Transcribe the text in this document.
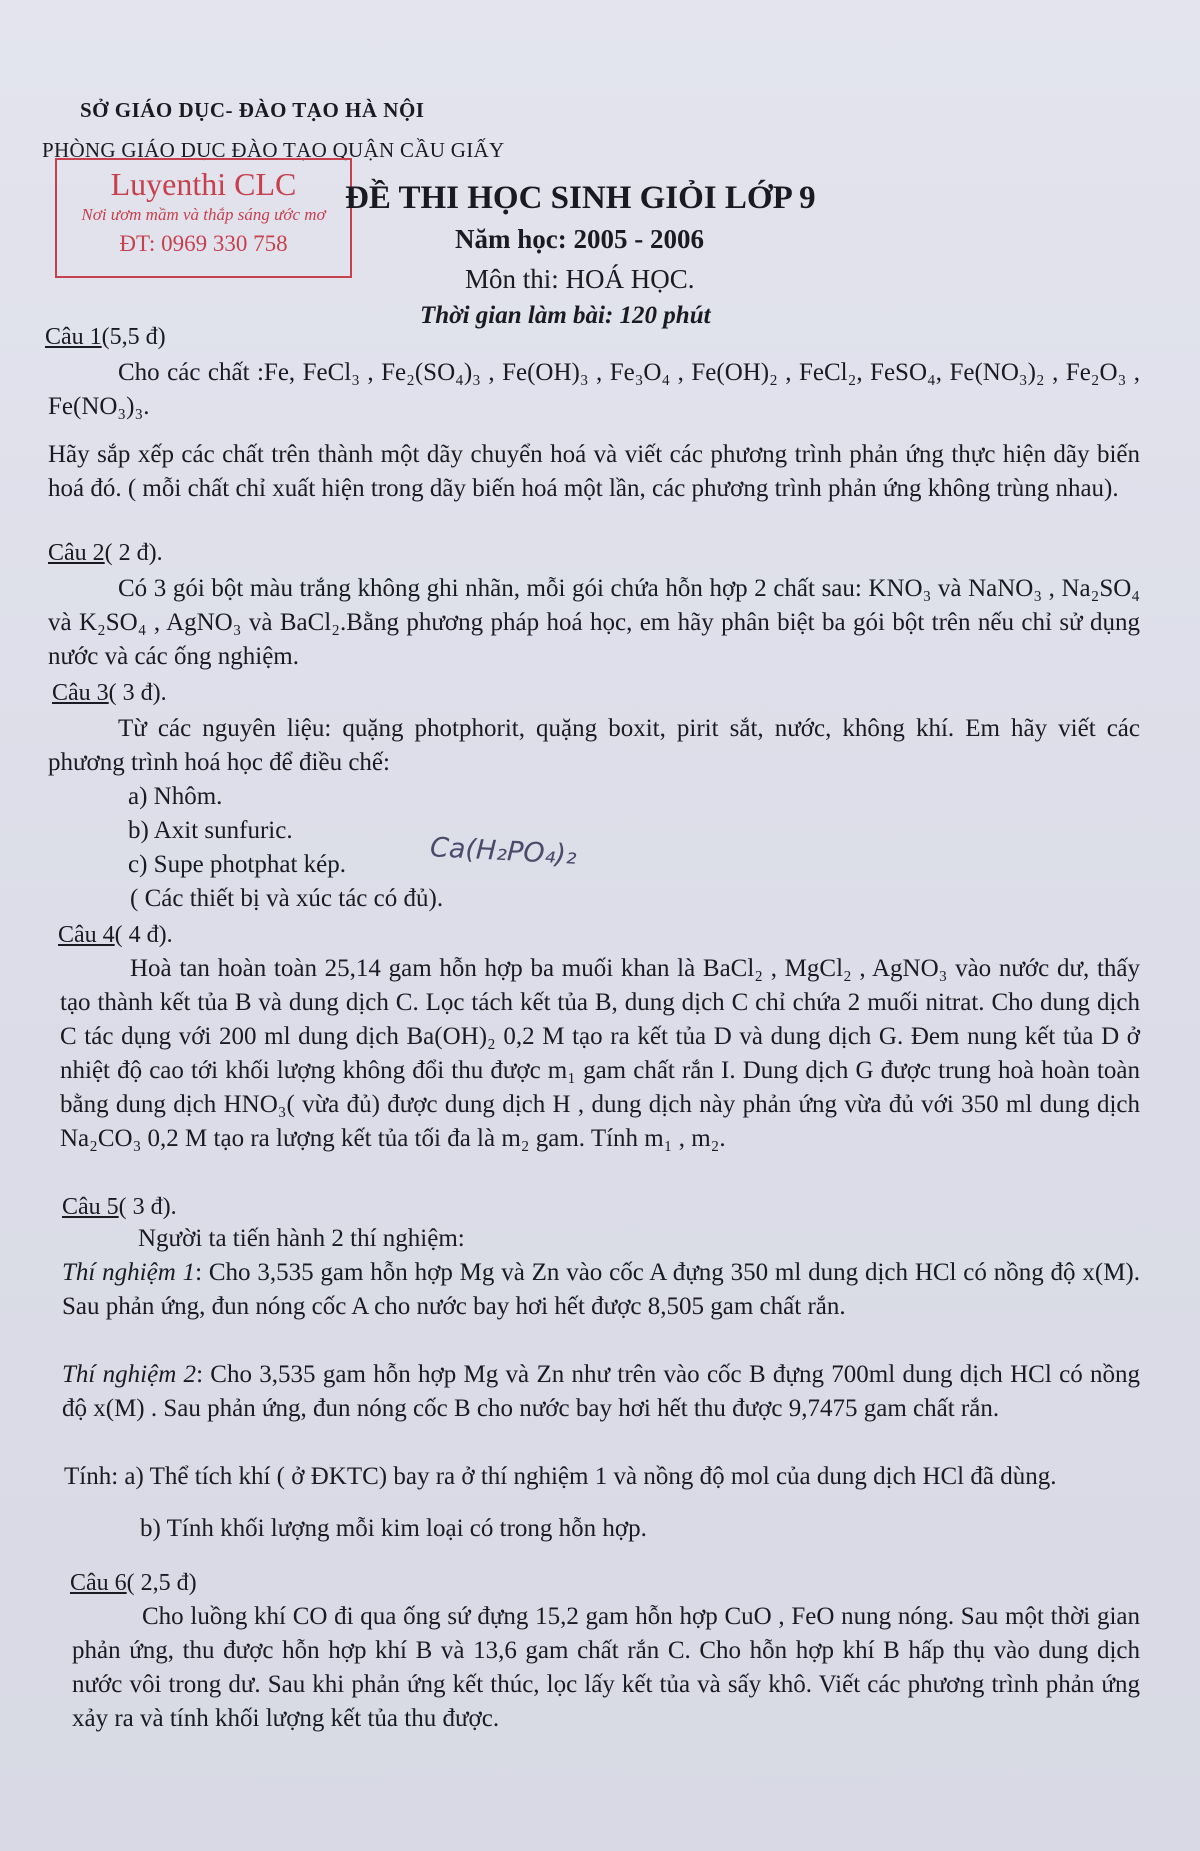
SỞ GIÁO DỤC- ĐÀO TẠO HÀ NỘI
PHÒNG GIÁO DỤC ĐÀO TẠO QUẬN CẦU GIẤY
Luyenthi CLC
Nơi ươm mầm và thắp sáng ước mơ
ĐT: 0969 330 758
ĐỀ THI HỌC SINH GIỎI LỚP 9
Năm học: 2005 - 2006
Môn thi: HOÁ HỌC.
Thời gian làm bài: 120 phút
Câu 1(5,5 đ)
Cho các chất :Fe, FeCl₃ , Fe₂(SO₄)₃ , Fe(OH)₃ , Fe₃O₄ , Fe(OH)₂ , FeCl₂, FeSO₄, Fe(NO₃)₂ , Fe₂O₃ , Fe(NO₃)₃.
Hãy sắp xếp các chất trên thành một dãy chuyển hoá và viết các phương trình phản ứng thực hiện dãy biến hoá đó. ( mỗi chất chỉ xuất hiện trong dãy biến hoá một lần, các phương trình phản ứng không trùng nhau).
Câu 2( 2 đ).
Có 3 gói bột màu trắng không ghi nhãn, mỗi gói chứa hỗn hợp 2 chất sau: KNO₃ và NaNO₃ , Na₂SO₄ và K₂SO₄ , AgNO₃ và BaCl₂.Bằng phương pháp hoá học, em hãy phân biệt ba gói bột trên nếu chỉ sử dụng nước và các ống nghiệm.
Câu 3( 3 đ).
Từ các nguyên liệu: quặng photphorit, quặng boxit, pirit sắt, nước, không khí. Em hãy viết các phương trình hoá học để điều chế:
a) Nhôm.
b) Axit sunfuric.
c) Supe photphat kép.	Ca(H₂PO₄)₂
( Các thiết bị và xúc tác có đủ).
Câu 4( 4 đ).
Hoà tan hoàn toàn 25,14 gam hỗn hợp ba muối khan là BaCl₂ , MgCl₂ , AgNO₃ vào nước dư, thấy tạo thành kết tủa B và dung dịch C. Lọc tách kết tủa B, dung dịch C chỉ chứa 2 muối nitrat. Cho dung dịch C tác dụng với 200 ml dung dịch Ba(OH)₂ 0,2 M tạo ra kết tủa D và dung dịch G. Đem nung kết tủa D ở nhiệt độ cao tới khối lượng không đổi thu được m₁ gam chất rắn I. Dung dịch G được trung hoà hoàn toàn bằng dung dịch HNO₃( vừa đủ) được dung dịch H , dung dịch này phản ứng vừa đủ với 350 ml dung dịch Na₂CO₃ 0,2 M tạo ra lượng kết tủa tối đa là m₂ gam. Tính m₁ , m₂.
Câu 5( 3 đ).
Người ta tiến hành 2 thí nghiệm:
Thí nghiệm 1: Cho 3,535 gam hỗn hợp Mg và Zn vào cốc A đựng 350 ml dung dịch HCl có nồng độ x(M). Sau phản ứng, đun nóng cốc A cho nước bay hơi hết được 8,505 gam chất rắn.
Thí nghiệm 2: Cho 3,535 gam hỗn hợp Mg và Zn như trên vào cốc B đựng 700ml dung dịch HCl có nồng độ x(M) . Sau phản ứng, đun nóng cốc B cho nước bay hơi hết thu được 9,7475 gam chất rắn.
Tính: a) Thể tích khí ( ở ĐKTC) bay ra ở thí nghiệm 1 và nồng độ mol của dung dịch HCl đã dùng.
b) Tính khối lượng mỗi kim loại có trong hỗn hợp.
Câu 6( 2,5 đ)
Cho luồng khí CO đi qua ống sứ đựng 15,2 gam hỗn hợp CuO , FeO nung nóng. Sau một thời gian phản ứng, thu được hỗn hợp khí B và 13,6 gam chất rắn C. Cho hỗn hợp khí B hấp thụ vào dung dịch nước vôi trong dư. Sau khi phản ứng kết thúc, lọc lấy kết tủa và sấy khô. Viết các phương trình phản ứng xảy ra và tính khối lượng kết tủa thu được.
